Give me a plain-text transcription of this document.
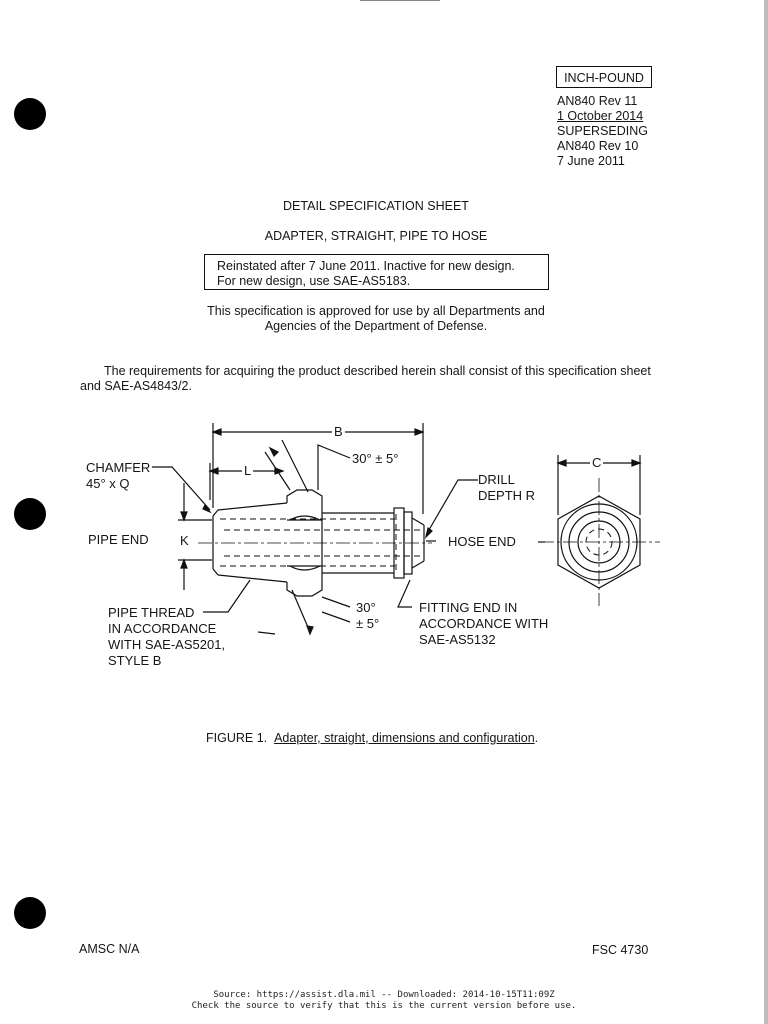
INCH-POUND
AN840 Rev 11
1 October 2014
SUPERSEDING
AN840 Rev 10
7 June 2011
DETAIL SPECIFICATION SHEET
ADAPTER, STRAIGHT, PIPE TO HOSE
Reinstated after 7 June 2011. Inactive for new design.
For new design, use SAE-AS5183.
This specification is approved for use by all Departments and
Agencies of the Department of Defense.
The requirements for acquiring the product described herein shall consist of this specification sheet
and SAE-AS4843/2.
B
L
C
K
30° ± 5°
CHAMFER
45° x Q
PIPE END
DRILL
DEPTH R
HOSE END
PIPE THREAD
IN ACCORDANCE
WITH SAE-AS5201,
STYLE B
30°
± 5°
FITTING END IN
ACCORDANCE WITH
SAE-AS5132
FIGURE 1. Adapter, straight, dimensions and configuration.
AMSC N/A	FSC 4730
Source: https://assist.dla.mil -- Downloaded: 2014-10-15T11:09Z
Check the source to verify that this is the current version before use.
